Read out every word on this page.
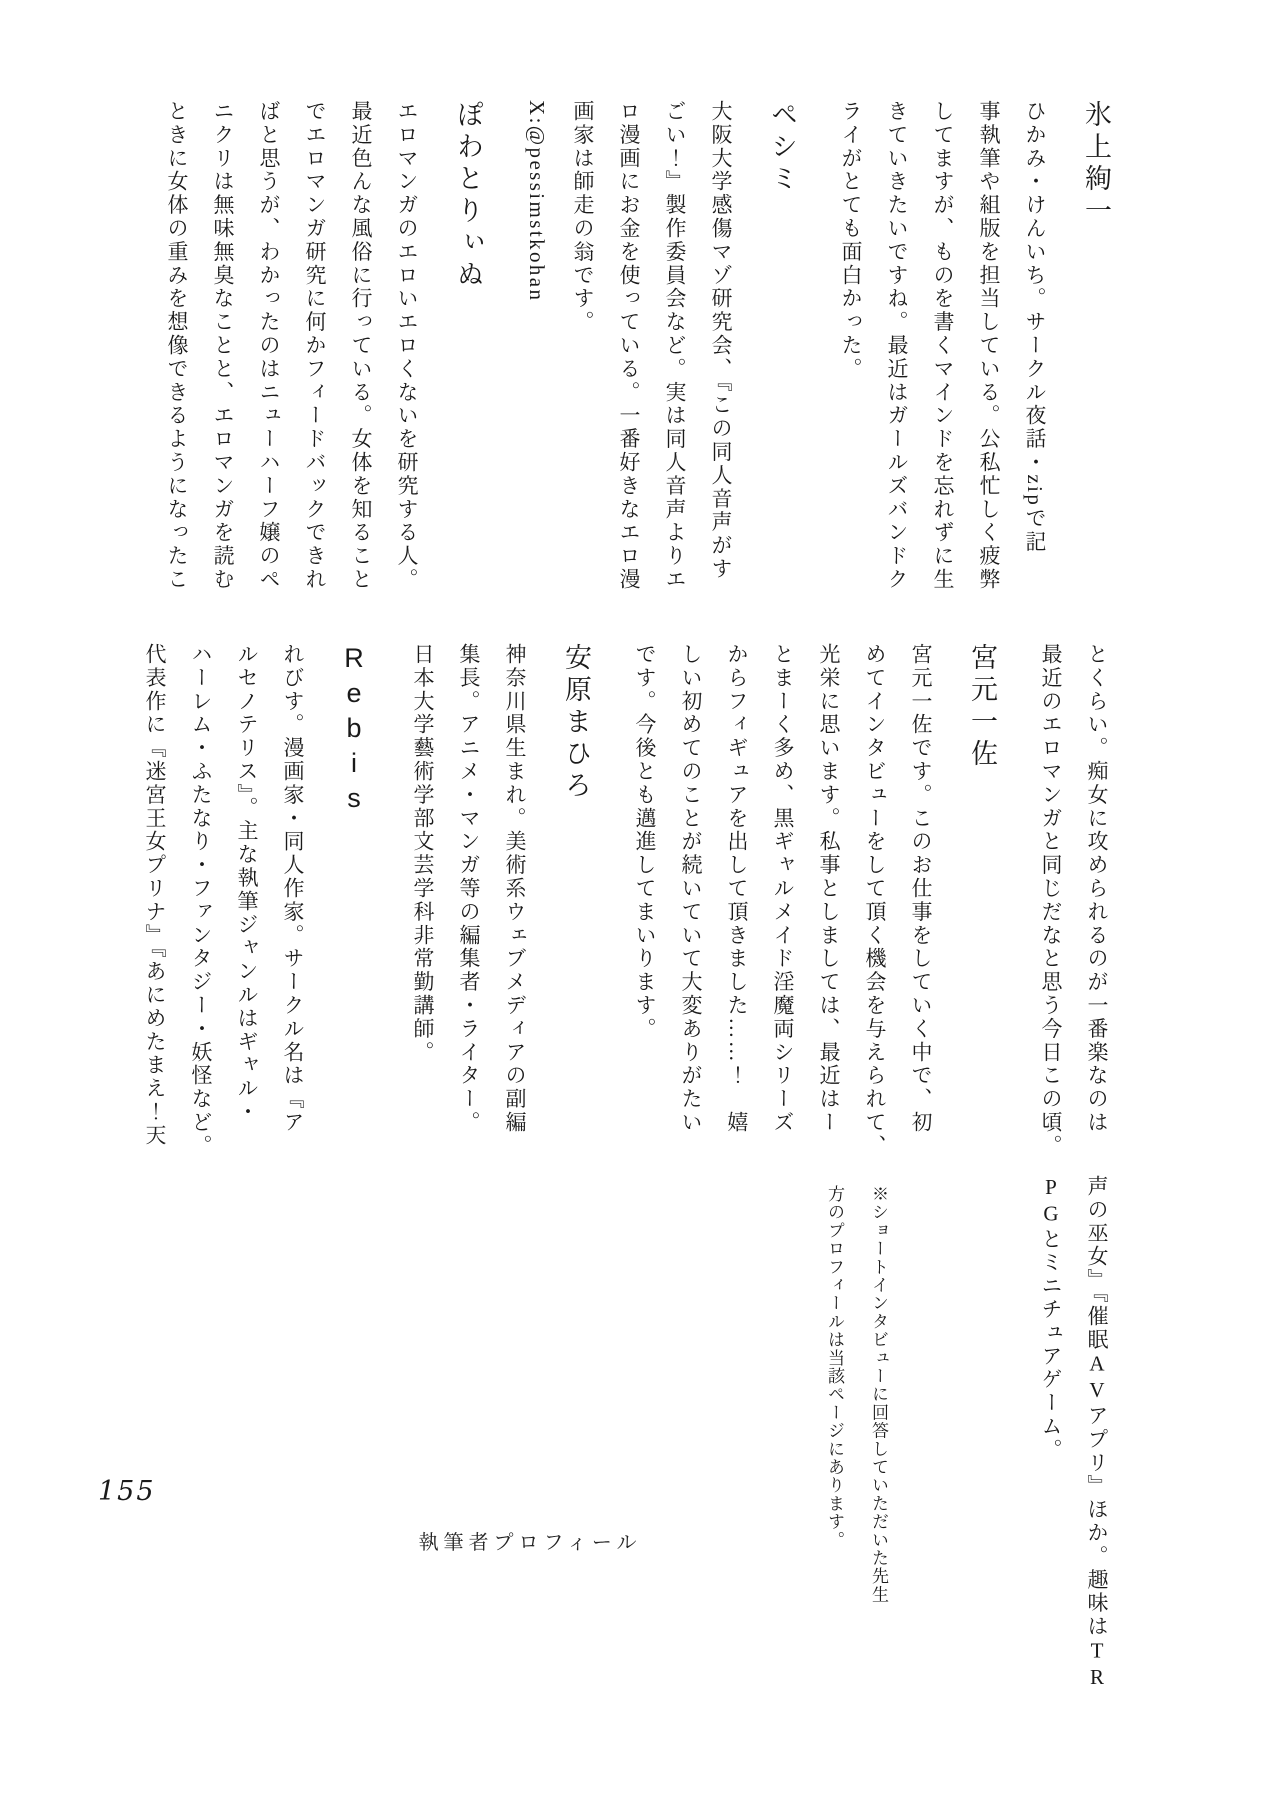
氷上絢一

ひかみ・けんいち。サークル夜話・zipで記

事執筆や組版を担当している。公私忙しく疲弊

してますが、ものを書くマインドを忘れずに生

きていきたいですね。最近はガールズバンドク

ライがとても面白かった。

ペシミ

大阪大学感傷マゾ研究会、『この同人音声がす

ごい！』製作委員会など。実は同人音声よりエ

ロ漫画にお金を使っている。一番好きなエロ漫

画家は師走の翁です。

X:@pessimstkohan

ぽわとりぃぬ

エロマンガのエロいエロくないを研究する人。

最近色んな風俗に行っている。女体を知ること

でエロマンガ研究に何かフィードバックできれ

ばと思うが、わかったのはニューハーフ嬢のペ

ニクリは無味無臭なことと、エロマンガを読む

ときに女体の重みを想像できるようになったこ

とくらい。痴女に攻められるのが一番楽なのは

最近のエロマンガと同じだなと思う今日この頃。

宮元一佐

宮元一佐です。このお仕事をしていく中で、初

めてインタビューをして頂く機会を与えられて、

光栄に思います。私事としましては、最近はー

とまーく多め、黒ギャルメイド淫魔両シリーズ

からフィギュアを出して頂きました……！　嬉

しい初めてのことが続いていて大変ありがたい

です。今後とも邁進してまいります。

安原まひろ

神奈川県生まれ。美術系ウェブメディアの副編

集長。アニメ・マンガ等の編集者・ライター。

日本大学藝術学部文芸学科非常勤講師。

Rebis

れびす。漫画家・同人作家。サークル名は『ア

ルセノテリス』。主な執筆ジャンルはギャル・

ハーレム・ふたなり・ファンタジー・妖怪など。

代表作に『迷宮王女プリナ』『あにめたまえ！天

声の巫女』『催眠AVアプリ』ほか。趣味はTR

PGとミニチュアゲーム。

※ショートインタビューに回答していただいた先生

方のプロフィールは当該ページにあります。

155
執筆者プロフィール
